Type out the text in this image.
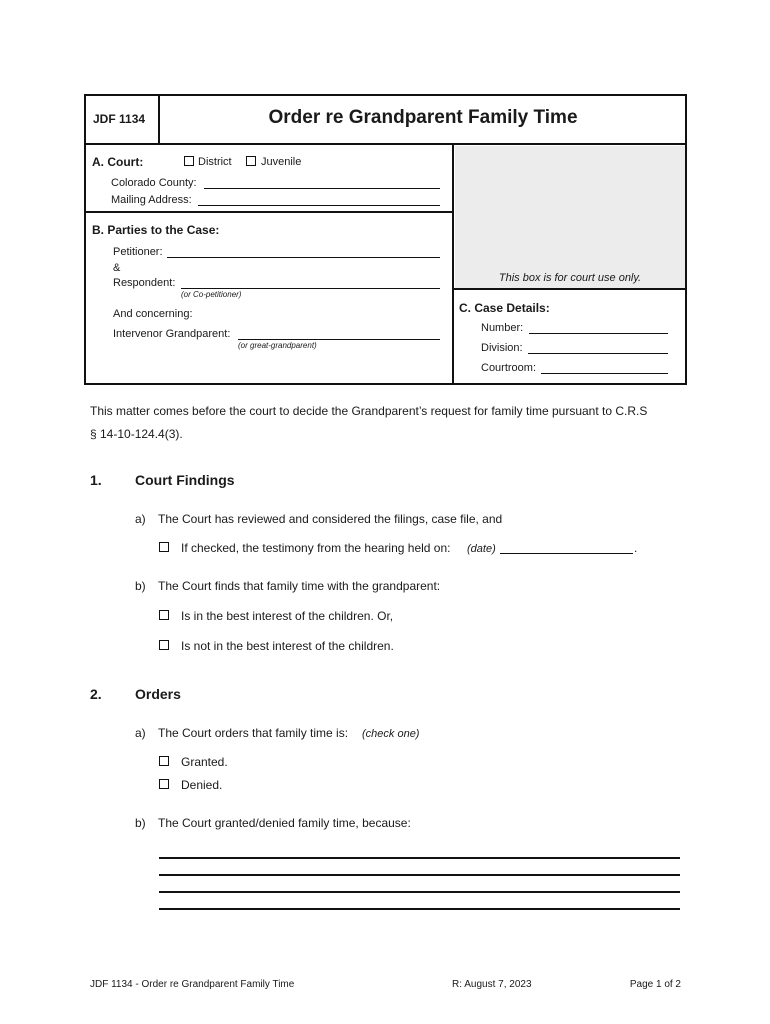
JDF 1134	Order re Grandparent Family Time
A. Court:	District	Juvenile
Colorado County:
Mailing Address:
B. Parties to the Case:
Petitioner:
&
Respondent:
(or Co-petitioner)
And concerning:
Intervenor Grandparent:
(or great-grandparent)
This box is for court use only.
C. Case Details:
Number:
Division:
Courtroom:
This matter comes before the court to decide the Grandparent’s request for family time pursuant to C.R.S
§ 14-10-124.4(3).
1. Court Findings
a) The Court has reviewed and considered the filings, case file, and
If checked, the testimony from the hearing held on: (date)	.
b) The Court finds that family time with the grandparent:
Is in the best interest of the children. Or,
Is not in the best interest of the children.
2. Orders
a) The Court orders that family time is: (check one)
Granted.
Denied.
b) The Court granted/denied family time, because:
JDF 1134 - Order re Grandparent Family Time	R: August 7, 2023	Page 1 of 2
